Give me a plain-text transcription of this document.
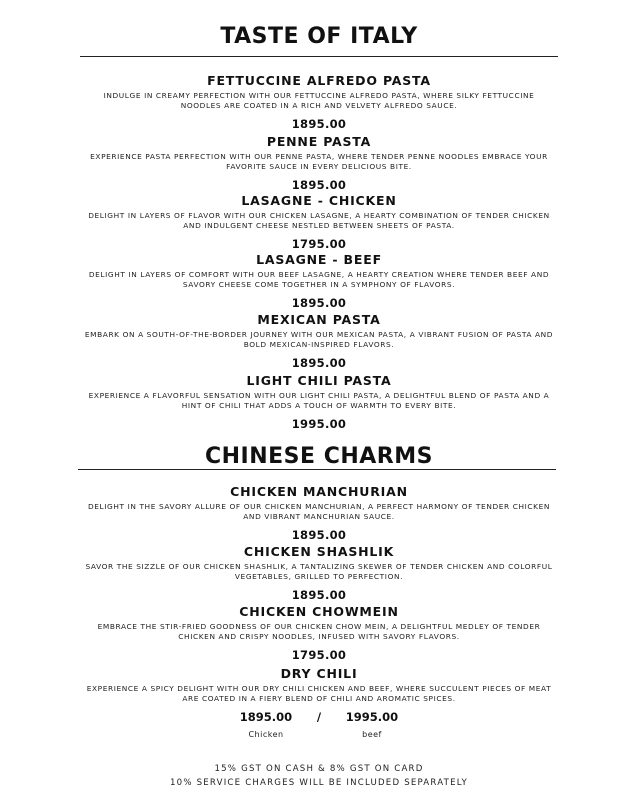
TASTE OF ITALY
FETTUCCINE ALFREDO PASTA
INDULGE IN CREAMY PERFECTION WITH OUR FETTUCCINE ALFREDO PASTA, WHERE SILKY FETTUCCINE NOODLES ARE COATED IN A RICH AND VELVETY ALFREDO SAUCE.
1895.00
PENNE PASTA
EXPERIENCE PASTA PERFECTION WITH OUR PENNE PASTA, WHERE TENDER PENNE NOODLES EMBRACE YOUR FAVORITE SAUCE IN EVERY DELICIOUS BITE.
1895.00
LASAGNE - CHICKEN
DELIGHT IN LAYERS OF FLAVOR WITH OUR CHICKEN LASAGNE, A HEARTY COMBINATION OF TENDER CHICKEN AND INDULGENT CHEESE NESTLED BETWEEN SHEETS OF PASTA.
1795.00
LASAGNE - BEEF
DELIGHT IN LAYERS OF COMFORT WITH OUR BEEF LASAGNE, A HEARTY CREATION WHERE TENDER BEEF AND SAVORY CHEESE COME TOGETHER IN A SYMPHONY OF FLAVORS.
1895.00
MEXICAN PASTA
EMBARK ON A SOUTH-OF-THE-BORDER JOURNEY WITH OUR MEXICAN PASTA, A VIBRANT FUSION OF PASTA AND BOLD MEXICAN-INSPIRED FLAVORS.
1895.00
LIGHT CHILI PASTA
EXPERIENCE A FLAVORFUL SENSATION WITH OUR LIGHT CHILI PASTA, A DELIGHTFUL BLEND OF PASTA AND A HINT OF CHILI THAT ADDS A TOUCH OF WARMTH TO EVERY BITE.
1995.00
CHINESE CHARMS
CHICKEN MANCHURIAN
DELIGHT IN THE SAVORY ALLURE OF OUR CHICKEN MANCHURIAN, A PERFECT HARMONY OF TENDER CHICKEN AND VIBRANT MANCHURIAN SAUCE.
1895.00
CHICKEN SHASHLIK
SAVOR THE SIZZLE OF OUR CHICKEN SHASHLIK, A TANTALIZING SKEWER OF TENDER CHICKEN AND COLORFUL VEGETABLES, GRILLED TO PERFECTION.
1895.00
CHICKEN CHOWMEIN
EMBRACE THE STIR-FRIED GOODNESS OF OUR CHICKEN CHOW MEIN, A DELIGHTFUL MEDLEY OF TENDER CHICKEN AND CRISPY NOODLES, INFUSED WITH SAVORY FLAVORS.
1795.00
DRY CHILI
EXPERIENCE A SPICY DELIGHT WITH OUR DRY CHILI CHICKEN AND BEEF, WHERE SUCCULENT PIECES OF MEAT ARE COATED IN A FIERY BLEND OF CHILI AND AROMATIC SPICES.
1895.00
Chicken
/	1995.00
beef
15% GST ON CASH & 8% GST ON CARD
10% SERVICE CHARGES WILL BE INCLUDED SEPARATELY
